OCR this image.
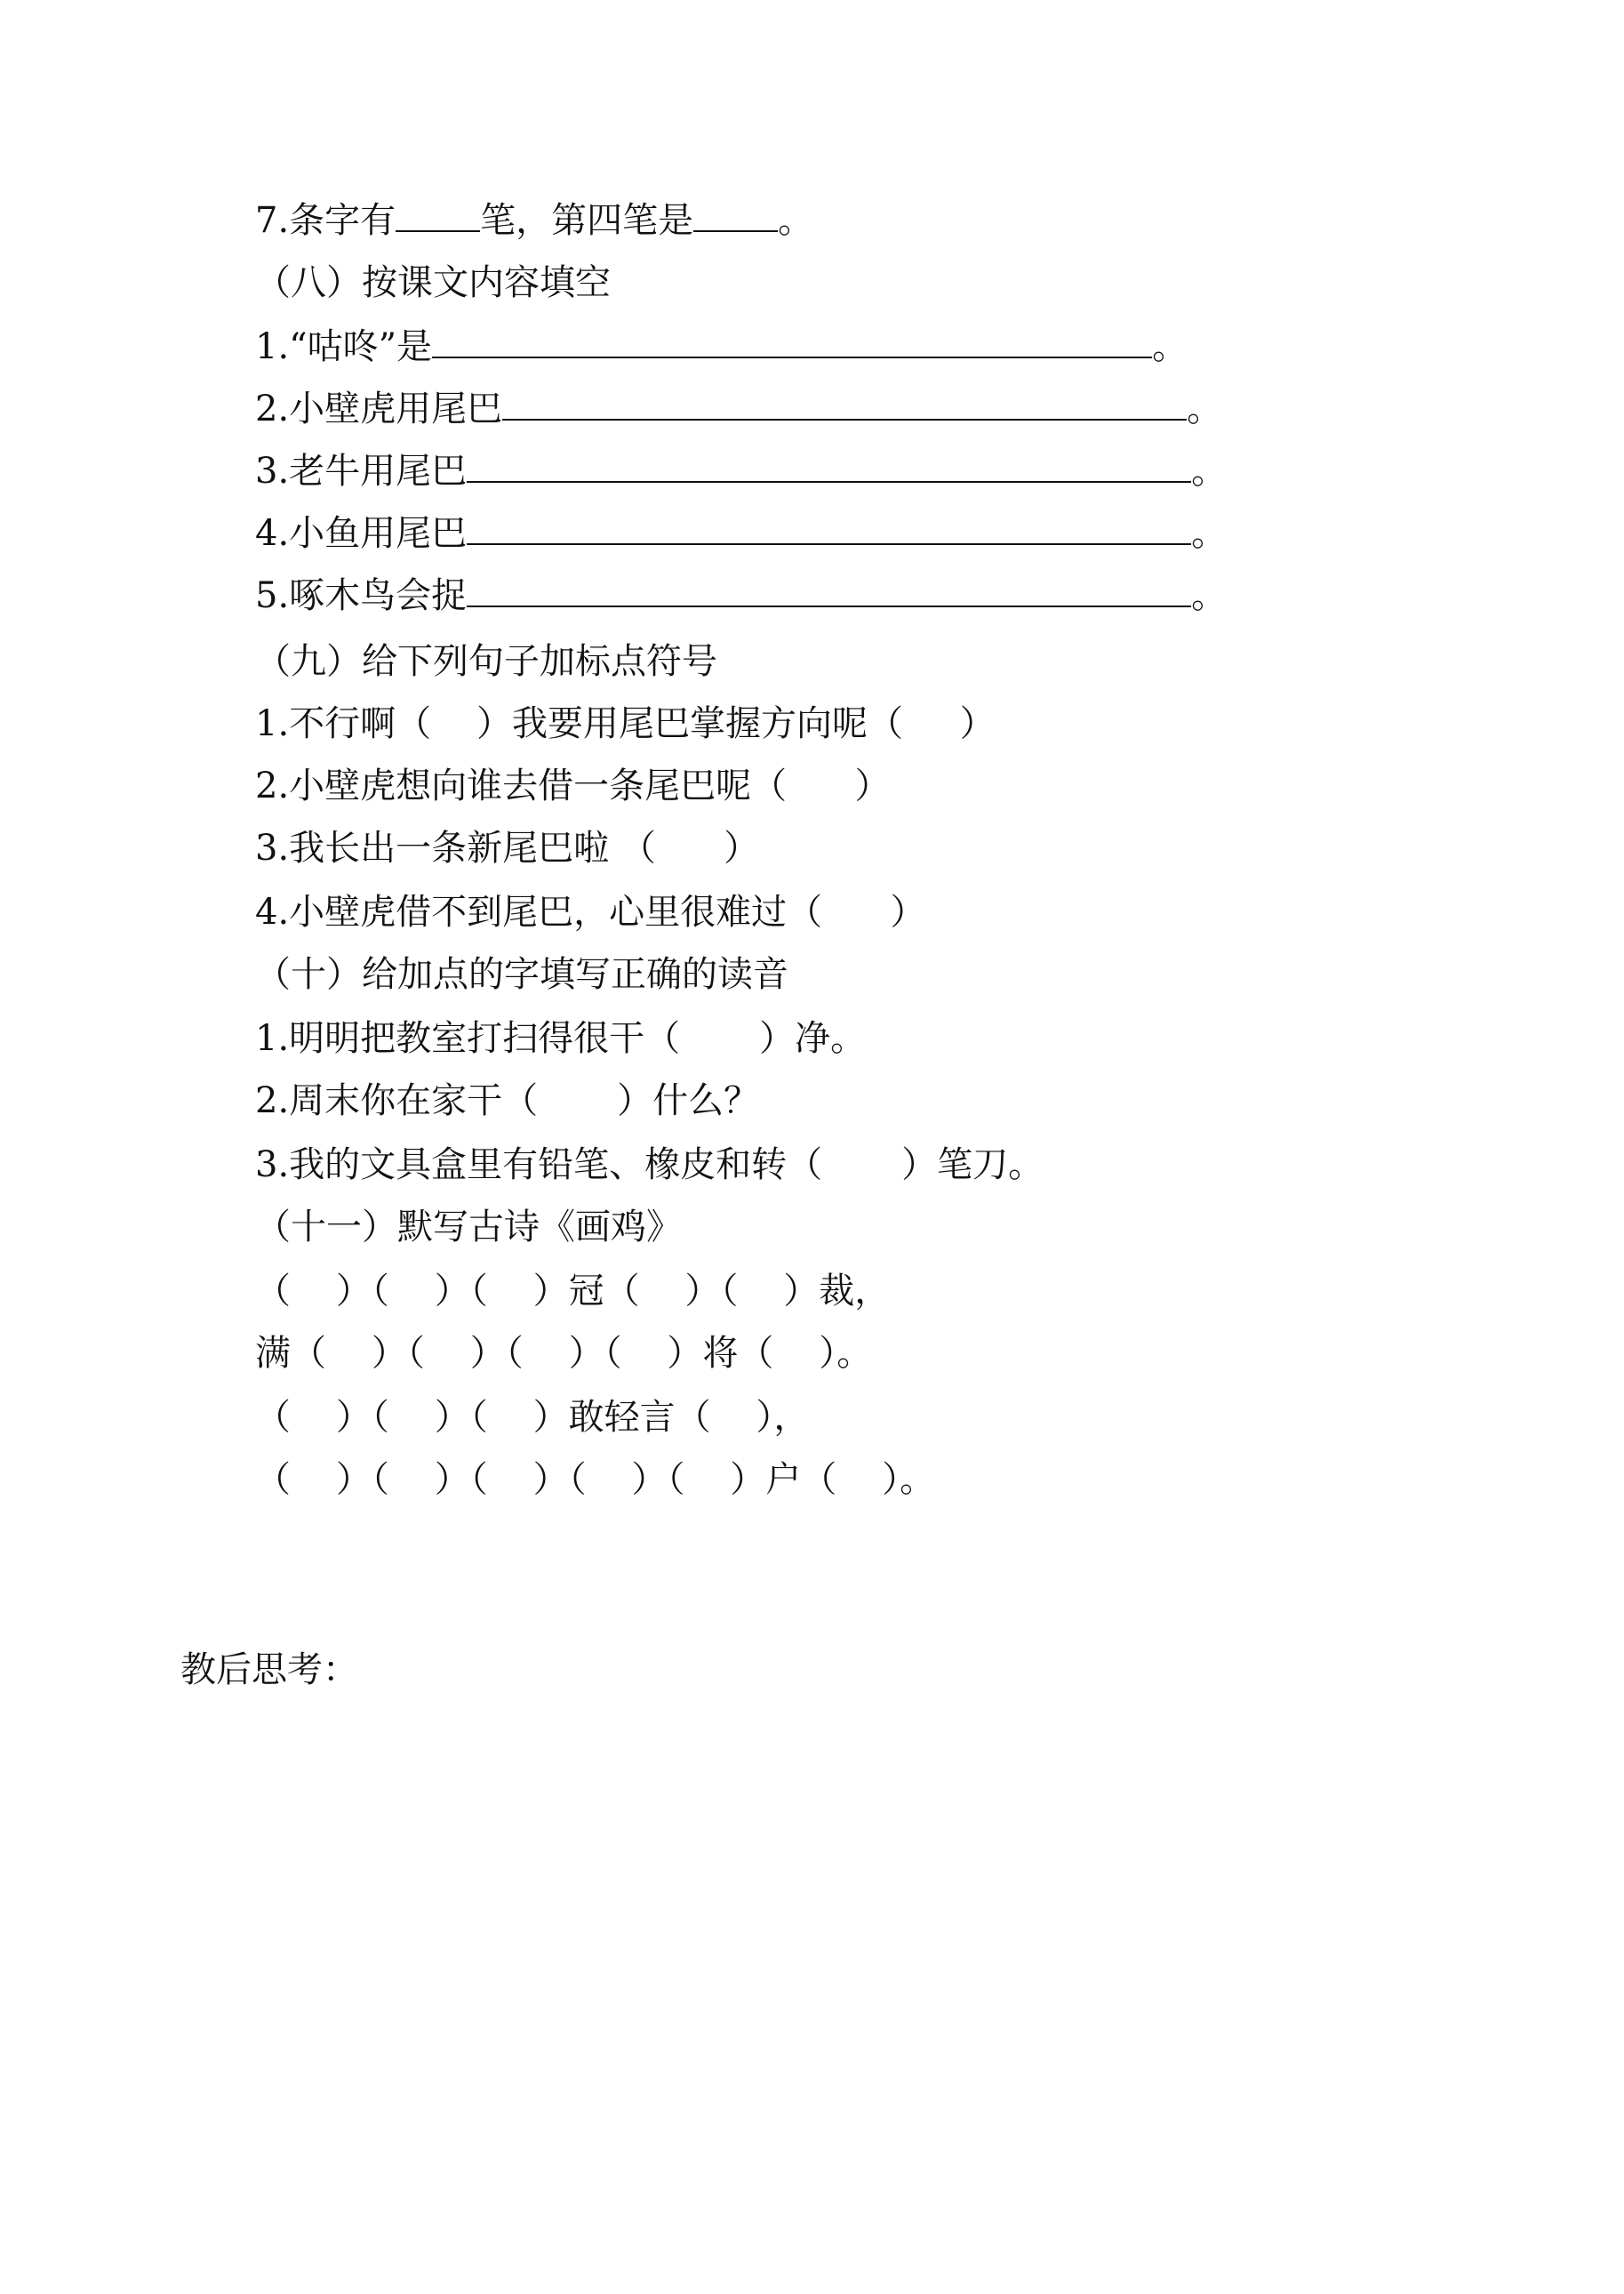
7.条字有 笔，第四笔是 。
（八）按课文内容填空
1.“咕咚”是	。
2.小壁虎用尾巴	。
3.老牛用尾巴	。
4.小鱼用尾巴	。
5.啄木鸟会捉	。
（九）给下列句子加标点符号
1.不行啊（    ）我要用尾巴掌握方向呢（     ）
2.小壁虎想向谁去借一条尾巴呢（      ）
3.我长出一条新尾巴啦 （      ）
4.小壁虎借不到尾巴，心里很难过（      ）
（十）给加点的字填写正确的读音
1.明明把教室打扫得很干（       ）净。
2.周末你在家干（       ）什么？
3.我的文具盒里有铅笔、橡皮和转（       ）笔刀。
（十一）默写古诗《画鸡》
（    ）（    ）（    ）冠（    ）（    ）裁，
满（    ）（    ）（    ）（    ）将（    ）。
（    ）（    ）（    ）敢轻言（    ），
（    ）（    ）（    ）（    ）（    ）户（    ）。
教后思考：
